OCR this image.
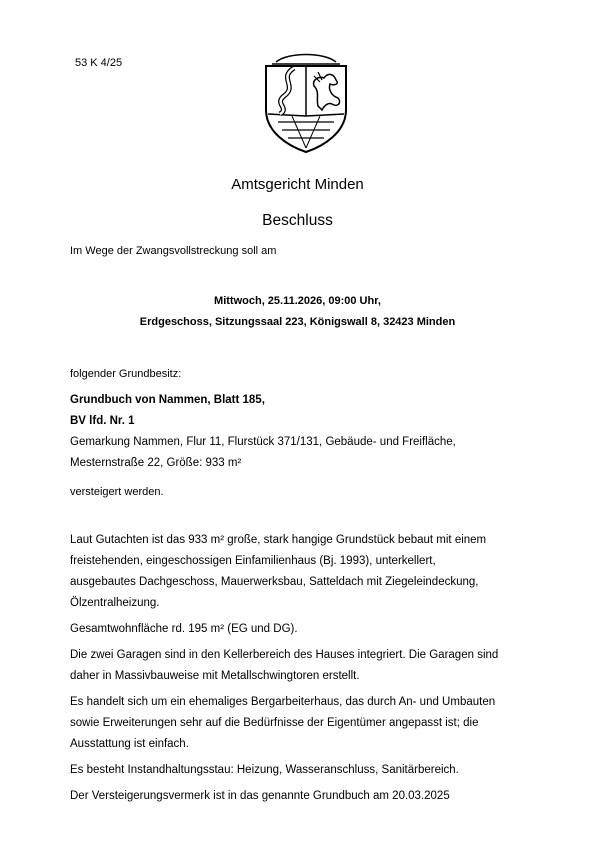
53 K 4/25
Amtsgericht Minden
Beschluss
Im Wege der Zwangsvollstreckung soll am
Mittwoch, 25.11.2026, 09:00 Uhr,
Erdgeschoss, Sitzungssaal 223, Königswall 8, 32423 Minden
folgender Grundbesitz:
Grundbuch von Nammen, Blatt 185,
BV lfd. Nr. 1
Gemarkung Nammen, Flur 11, Flurstück 371/131, Gebäude- und Freifläche,
Mesternstraße 22, Größe: 933 m²
versteigert werden.

Laut Gutachten ist das 933 m² große, stark hangige Grundstück bebaut mit einem
freistehenden, eingeschossigen Einfamilienhaus (Bj. 1993), unterkellert,
ausgebautes Dachgeschoss, Mauerwerksbau, Satteldach mit Ziegeleindeckung,
Ölzentralheizung.

Gesamtwohnfläche rd. 195 m² (EG und DG).

Die zwei Garagen sind in den Kellerbereich des Hauses integriert. Die Garagen sind
daher in Massivbauweise mit Metallschwingtoren erstellt.

Es handelt sich um ein ehemaliges Bergarbeiterhaus, das durch An- und Umbauten
sowie Erweiterungen sehr auf die Bedürfnisse der Eigentümer angepasst ist; die
Ausstattung ist einfach.

Es besteht Instandhaltungsstau: Heizung, Wasseranschluss, Sanitärbereich.

Der Versteigerungsvermerk ist in das genannte Grundbuch am 20.03.2025
